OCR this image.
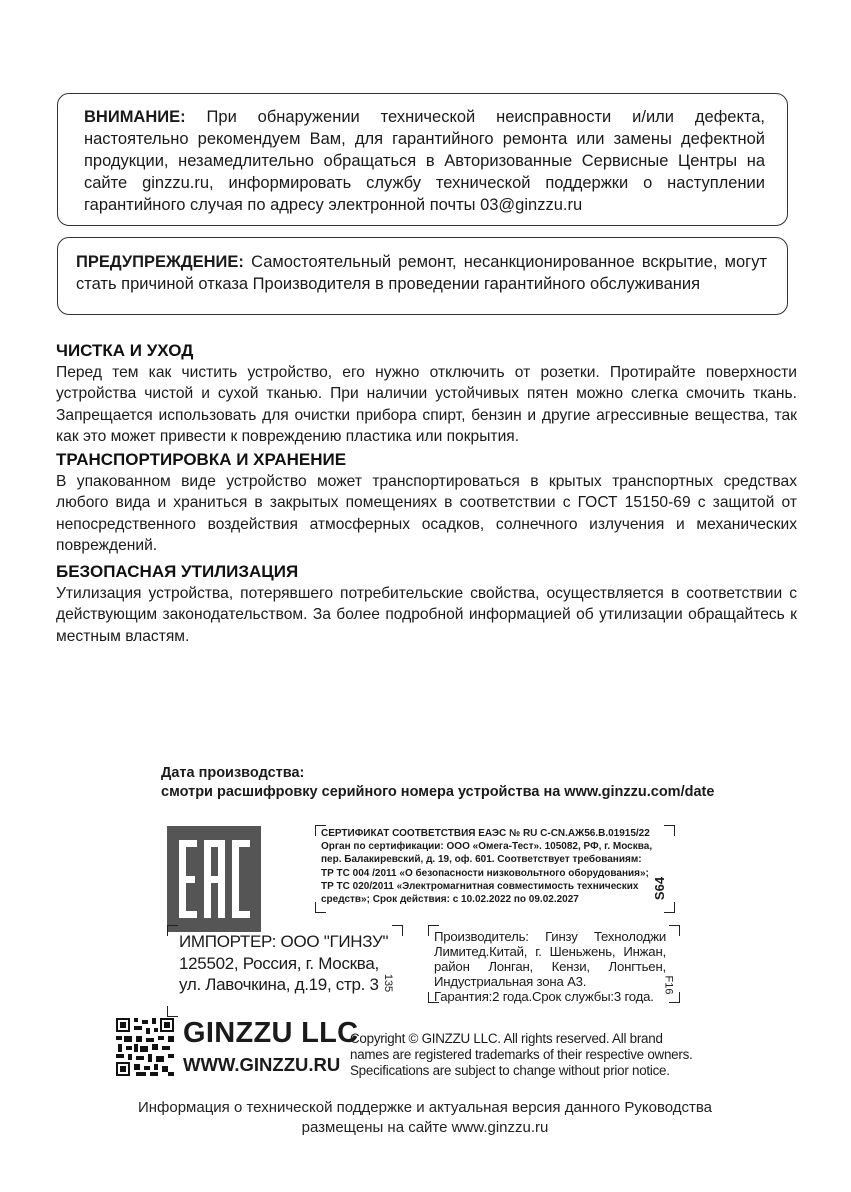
ВНИМАНИЕ: При обнаружении технической неисправности и/или дефекта, настоятельно рекомендуем Вам, для гарантийного ремонта или замены дефектной продукции, незамедлительно обращаться в Авторизованные Сервисные Центры на сайте ginzzu.ru, информировать службу технической поддержки о наступлении гарантийного случая по адресу электронной почты 03@ginzzu.ru

ПРЕДУПРЕЖДЕНИЕ: Самостоятельный ремонт, несанкционированное вскрытие, могут стать причиной отказа Производителя в проведении гарантийного обслуживания

ЧИСТКА И УХОД

Перед тем как чистить устройство, его нужно отключить от розетки. Протирайте поверхности устройства чистой и сухой тканью. При наличии устойчивых пятен можно слегка смочить ткань. Запрещается использовать для очистки прибора спирт, бензин и другие агрессивные вещества, так как это может привести к повреждению пластика или покрытия.

ТРАНСПОРТИРОВКА И ХРАНЕНИЕ

В упакованном виде устройство может транспортироваться в крытых транспортных средствах любого вида и храниться в закрытых помещениях в соответствии с ГОСТ 15150-69 с защитой от непосредственного воздействия атмосферных осадков, солнечного излучения и механических повреждений.

БЕЗОПАСНАЯ УТИЛИЗАЦИЯ

Утилизация устройства, потерявшего потребительские свойства, осуществляется в соответствии с действующим законодательством. За более подробной информацией об утилизации обращайтесь к местным властям.

Дата производства:
смотри расшифровку серийного номера устройства на www.ginzzu.com/date
СЕРТИФИКАТ СООТВЕТСТВИЯ ЕАЭС № RU C-CN.АЖ56.B.01915/22
Орган по сертификации: ООО «Омега-Тест». 105082, РФ, г. Москва,
пер. Балакиревский, д. 19, оф. 601. Соответствует требованиям:
ТР ТС 004 /2011 «О безопасности низковольтного оборудования»;
ТР ТС 020/2011 «Электромагнитная совместимость технических
средств»; Срок действия: с 10.02.2022 по 09.02.2027	S64
ИМПОРТЕР: ООО "ГИНЗУ"
125502, Россия, г. Москва,
ул. Лавочкина, д.19, стр. 3 135
Производитель: Гинзу Технолоджи Лимитед.Китай, г. Шеньжень, Инжан, район Лонган, Кензи, Лонгтьен, Индустриальная зона А3.
Гарантия:2 года.Срок службы:3 года.
F16
GINZZU LLC
WWW.GINZZU.RU
Copyright © GINZZU LLC. All rights reserved. All brand
names are registered trademarks of their respective owners.
Specifications are subject to change without prior notice.
Информация о технической поддержке и актуальная версия данного Руководства
размещены на сайте www.ginzzu.ru
